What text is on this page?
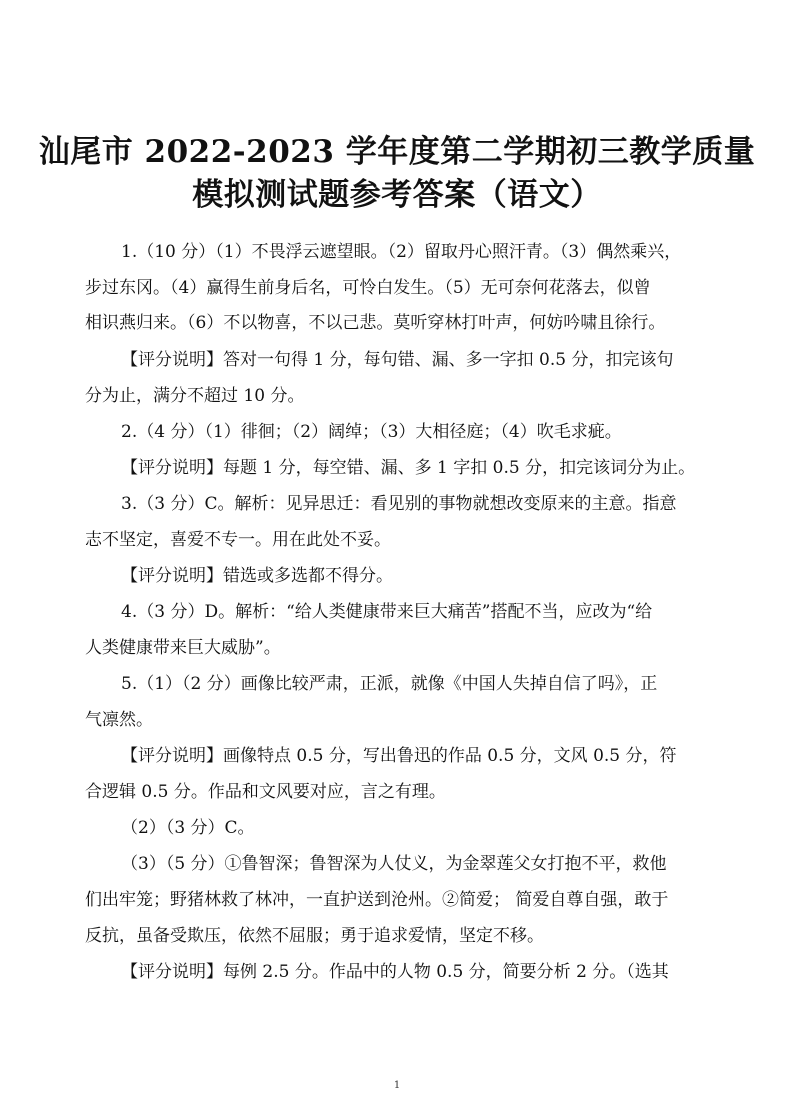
汕尾市 2022-2023 学年度第二学期初三教学质量
模拟测试题参考答案（语文）
1.（10 分）（1）不畏浮云遮望眼。（2）留取丹心照汗青。（3）偶然乘兴，
步过东冈。（4）赢得生前身后名，可怜白发生。（5）无可奈何花落去，似曾
相识燕归来。（6）不以物喜，不以己悲。莫听穿林打叶声，何妨吟啸且徐行。
【评分说明】答对一句得 1 分，每句错、漏、多一字扣 0.5 分，扣完该句
分为止，满分不超过 10 分。
2.（4 分）（1）徘徊；（2）阔绰；（3）大相径庭；（4）吹毛求疵。
【评分说明】每题 1 分，每空错、漏、多 1 字扣 0.5 分，扣完该词分为止。
3.（3 分）C。解析：见异思迁：看见别的事物就想改变原来的主意。指意
志不坚定，喜爱不专一。用在此处不妥。
【评分说明】错选或多选都不得分。
4.（3 分）D。解析：“给人类健康带来巨大痛苦”搭配不当，应改为“给
人类健康带来巨大威胁”。
5.（1）（2 分）画像比较严肃，正派，就像《中国人失掉自信了吗》，正
气凛然。
【评分说明】画像特点 0.5 分，写出鲁迅的作品 0.5 分，文风 0.5 分，符
合逻辑 0.5 分。作品和文风要对应，言之有理。
（2）（3 分）C。
（3）（5 分）①鲁智深；鲁智深为人仗义，为金翠莲父女打抱不平，救他
们出牢笼；野猪林救了林冲，一直护送到沧州。②简爱； 简爱自尊自强，敢于
反抗，虽备受欺压，依然不屈服；勇于追求爱情，坚定不移。
【评分说明】每例 2.5 分。作品中的人物 0.5 分，简要分析 2 分。（选其
1
